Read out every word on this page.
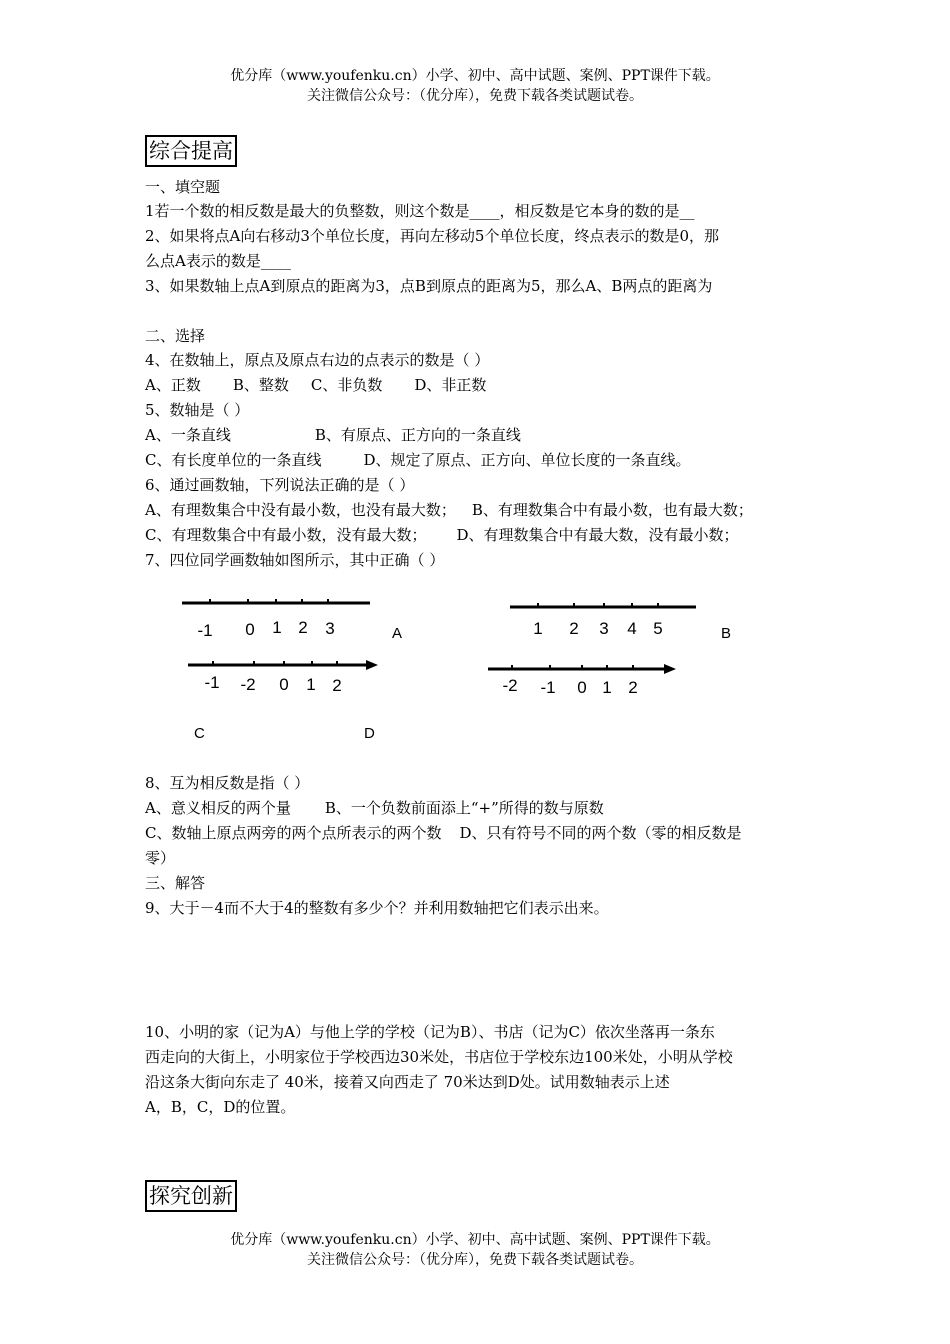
优分库（www.youfenku.cn）小学、初中、高中试题、案例、PPT课件下载。
关注微信公众号：（优分库），免费下载各类试题试卷。
综合提高
一、填空题
1若一个数的相反数是最大的负整数，则这个数是____，相反数是它本身的数的是__
2、如果将点A向右移动3个单位长度，再向左移动5个单位长度，终点表示的数是0，那
么点A表示的数是____
3、如果数轴上点A到原点的距离为3，点B到原点的距离为5，那么A、B两点的距离为
二、选择
4、在数轴上，原点及原点右边的点表示的数是（ ）
A、正数 B、整数 C、非负数 D、非正数
5、数轴是（ ）
A、一条直线	B、有原点、正方向的一条直线
C、有长度单位的一条直线	D、规定了原点、正方向、单位长度的一条直线。
6、通过画数轴，下列说法正确的是（ ）
A、有理数集合中没有最小数，也没有最大数； B、有理数集合中有最小数，也有最大数；
C、有理数集合中有最小数，没有最大数； D、有理数集合中有最大数，没有最小数；
7、四位同学画数轴如图所示，其中正确（ ）
-1 0 1 2 3	1 2 3 4 5
-1 -2 0 1 2	-2 -1 0 1 2
A	B
C	D
8、互为相反数是指（ ）
A、意义相反的两个量 B、一个负数前面添上“+”所得的数与原数
C、数轴上原点两旁的两个点所表示的两个数 D、只有符号不同的两个数（零的相反数是
零）
三、解答
9、大于－4而不大于4的整数有多少个？并利用数轴把它们表示出来。
10、小明的家（记为A）与他上学的学校（记为B）、书店（记为C）依次坐落再一条东
西走向的大街上，小明家位于学校西边30米处，书店位于学校东边100米处，小明从学校
沿这条大街向东走了 40米，接着又向西走了 70米达到D处。试用数轴表示上述
A，B，C，D的位置。
探究创新
优分库（www.youfenku.cn）小学、初中、高中试题、案例、PPT课件下载。
关注微信公众号：（优分库），免费下载各类试题试卷。
